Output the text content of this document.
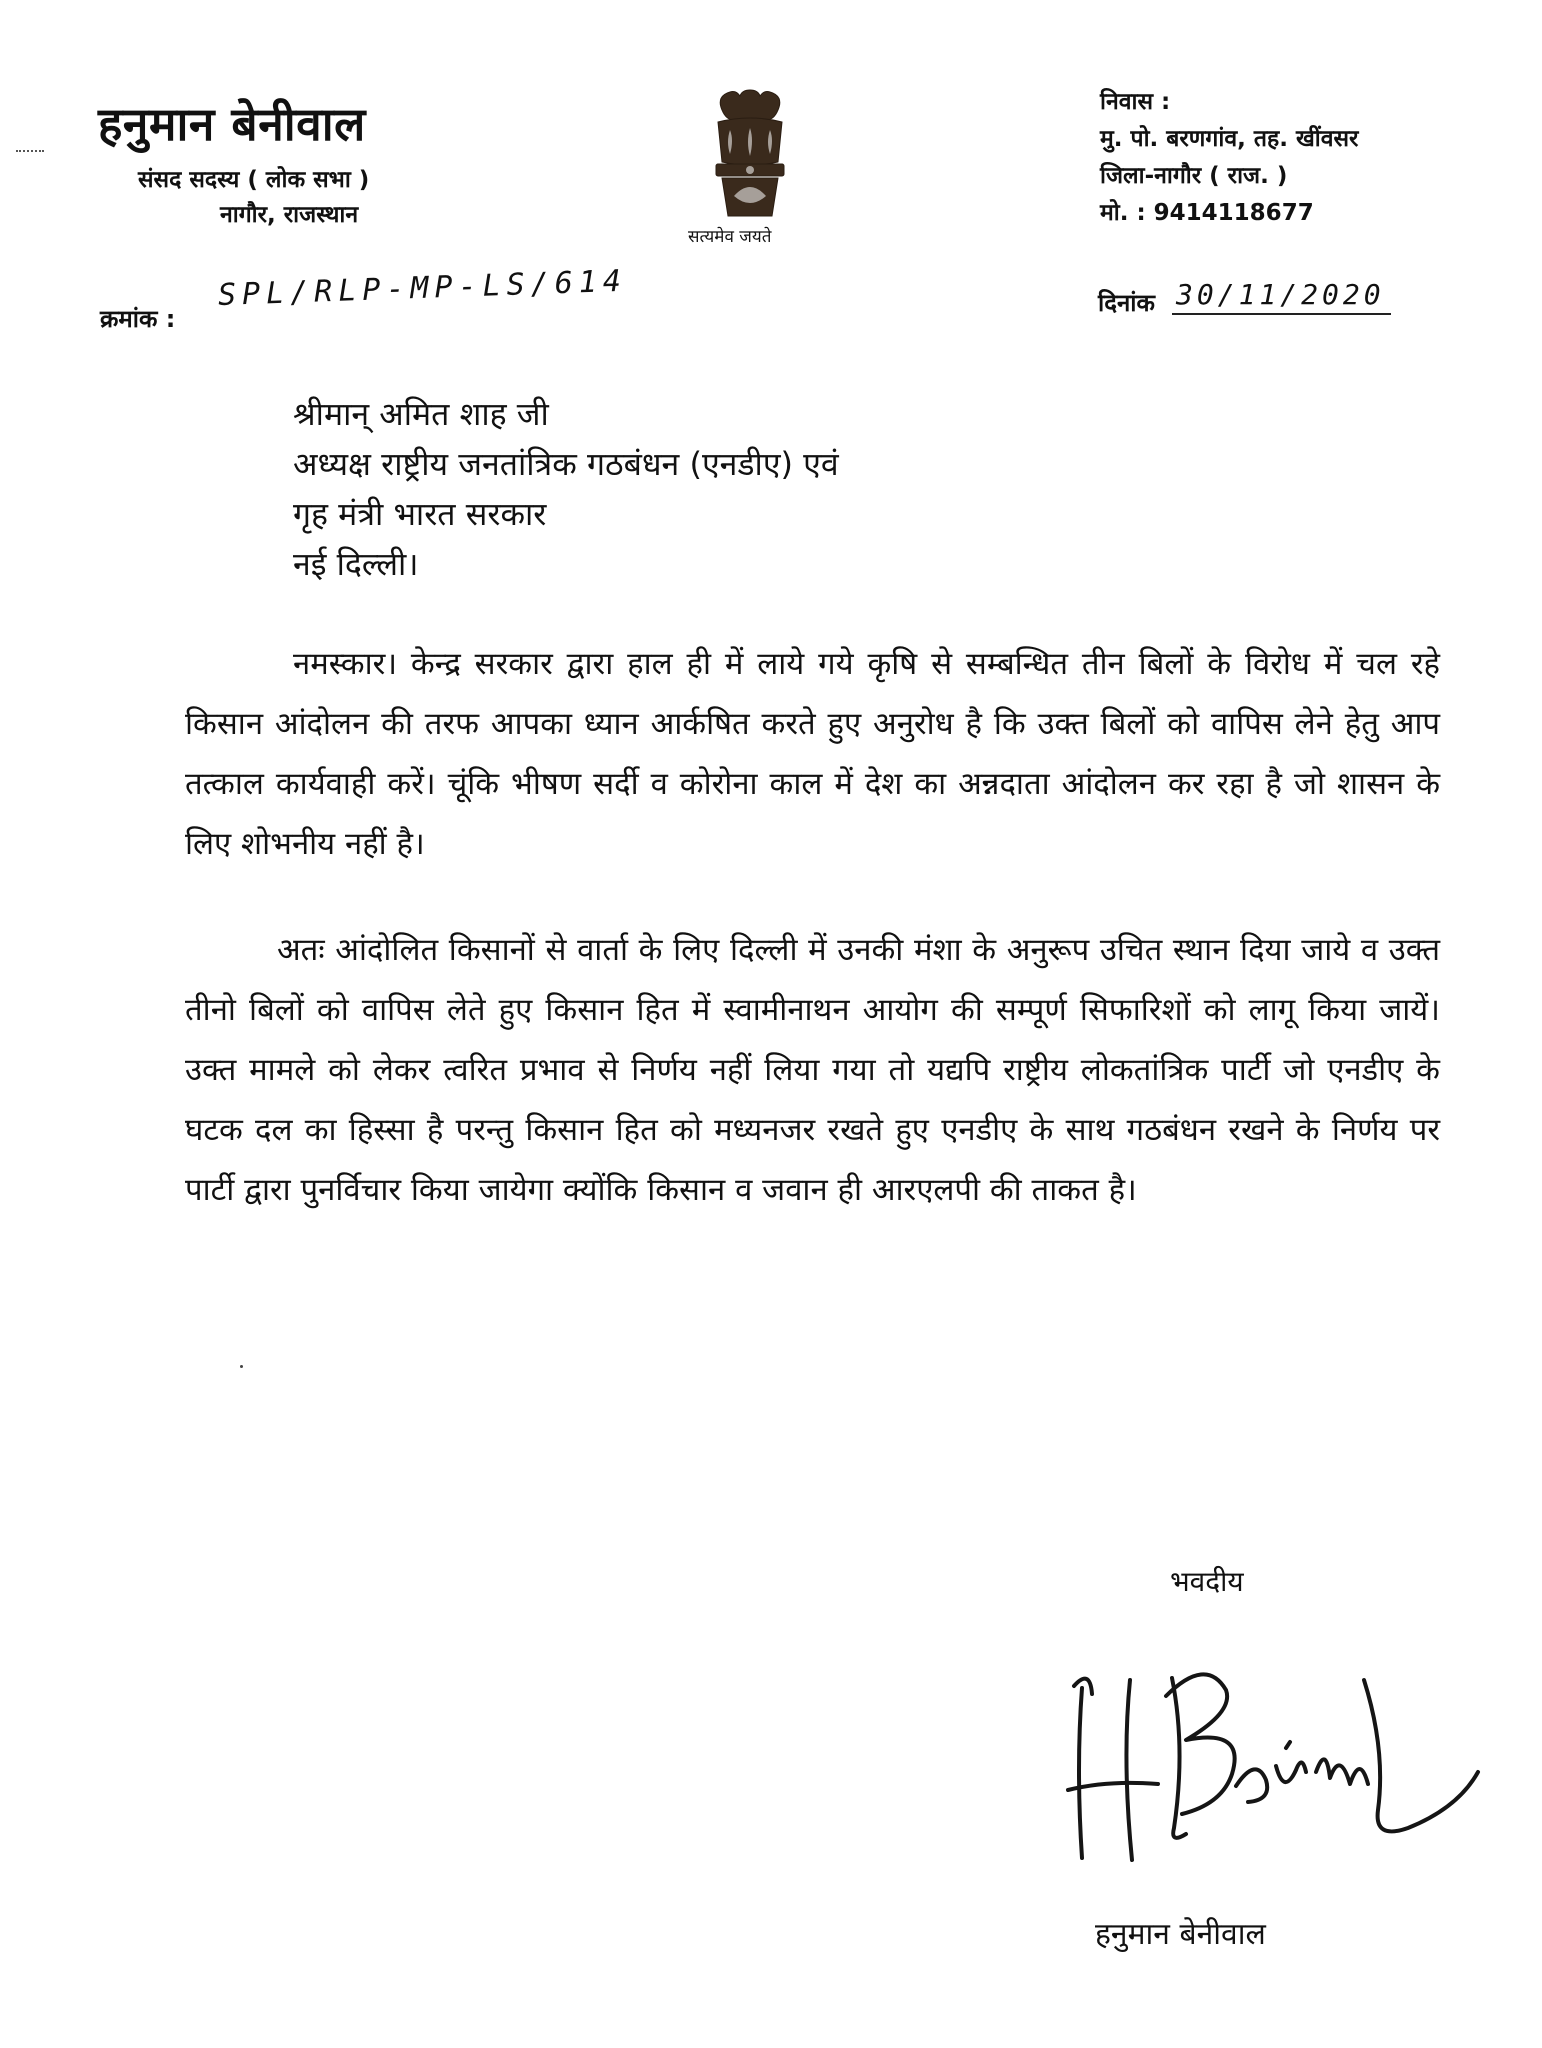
हनुमान बेनीवाल
संसद सदस्य ( लोक सभा )
नागौर, राजस्थान
सत्यमेव जयते
निवास :
मु. पो. बरणगांव, तह. खींवसर
जिला-नागौर ( राज. )
मो. : 9414118677
क्रमांक :
SPL/RLP-MP-LS/614	दिनांक 30/11/2020
श्रीमान् अमित शाह जी
अध्यक्ष राष्ट्रीय जनतांत्रिक गठबंधन (एनडीए) एवं
गृह मंत्री भारत सरकार
नई दिल्ली।
नमस्कार। केन्द्र सरकार द्वारा हाल ही में लाये गये कृषि से सम्बन्धित तीन बिलों के विरोध में चल रहे किसान आंदोलन की तरफ आपका ध्यान आर्कषित करते हुए अनुरोध है कि उक्त बिलों को वापिस लेने हेतु आप तत्काल कार्यवाही करें। चूंकि भीषण सर्दी व कोरोना काल में देश का अन्नदाता आंदोलन कर रहा है जो शासन के लिए शोभनीय नहीं है।
अतः आंदोलित किसानों से वार्ता के लिए दिल्ली में उनकी मंशा के अनुरूप उचित स्थान दिया जाये व उक्त तीनो बिलों को वापिस लेते हुए किसान हित में स्वामीनाथन आयोग की सम्पूर्ण सिफारिशों को लागू किया जायें। उक्त मामले को लेकर त्वरित प्रभाव से निर्णय नहीं लिया गया तो यद्यपि राष्ट्रीय लोकतांत्रिक पार्टी जो एनडीए के घटक दल का हिस्सा है परन्तु किसान हित को मध्यनजर रखते हुए एनडीए के साथ गठबंधन रखने के निर्णय पर पार्टी द्वारा पुनर्विचार किया जायेगा क्योंकि किसान व जवान ही आरएलपी की ताकत है।
भवदीय
हनुमान बेनीवाल
